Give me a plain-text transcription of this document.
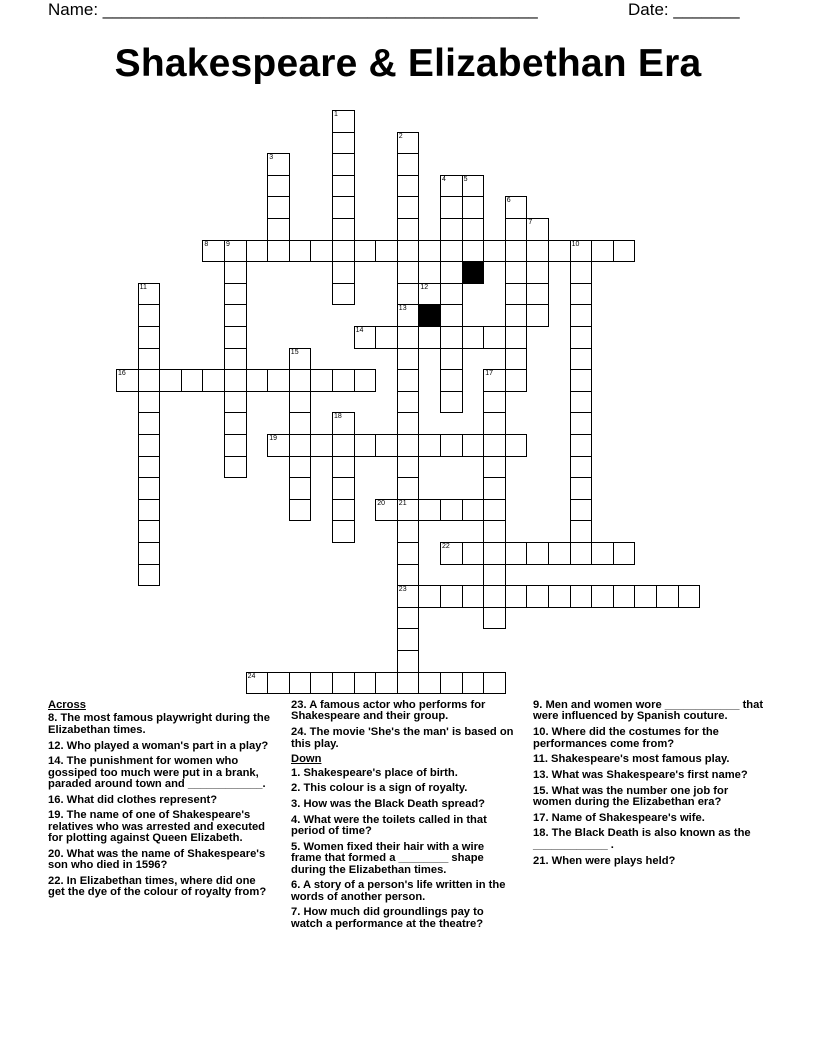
Name: ______________________________________________	Date: _______
Shakespeare & Elizabethan Era
1
2
13
3
4	5
6
7
8	9	10
11	12
14
15
16	17
18
19
20 21
23
22
24
Across
8. The most famous playwright during the Elizabethan times.
12. Who played a woman's part in a play?
14. The punishment for women who gossiped too much were put in a brank, paraded around town and ____________.
16. What did clothes represent?
19. The name of one of Shakespeare's relatives who was arrested and executed for plotting against Queen Elizabeth.
20. What was the name of Shakespeare's son who died in 1596?
22. In Elizabethan times, where did one get the dye of the colour of royalty from?
23. A famous actor who performs for Shakespeare and their group.
24. The movie 'She's the man' is based on this play.
Down
1. Shakespeare's place of birth.
2. This colour is a sign of royalty.
3. How was the Black Death spread?
4. What were the toilets called in that period of time?
5. Women fixed their hair with a wire frame that formed a ________ shape during the Elizabethan times.
6. A story of a person's life written in the words of another person.
7. How much did groundlings pay to watch a performance at the theatre?
9. Men and women wore ____________ that were influenced by Spanish couture.
10. Where did the costumes for the performances come from?
11. Shakespeare's most famous play.
13. What was Shakespeare's first name?
15. What was the number one job for women during the Elizabethan era?
17. Name of Shakespeare's wife.
18. The Black Death is also known as the ____________ .
21. When were plays held?
